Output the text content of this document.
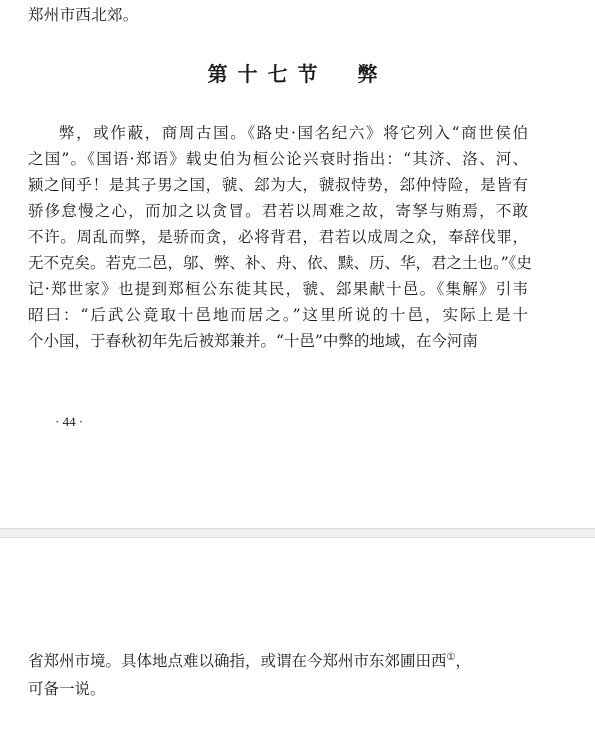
郑州市西北郊。
第十七节　弊
弊，或作蔽，商周古国。《路史·国名纪六》将它列入“商世侯伯
之国”。《国语·郑语》载史伯为桓公论兴衰时指出：“其济、洛、河、
颍之间乎！是其子男之国，虢、郐为大，虢叔恃势，郐仲恃险，是皆有
骄侈怠慢之心，而加之以贪冒。君若以周难之故，寄孥与贿焉，不敢
不许。周乱而弊，是骄而贪，必将背君，君若以成周之众，奉辞伐罪，
无不克矣。若克二邑，邬、弊、补、舟、依、黩、历、华，君之土也。”《史
记·郑世家》也提到郑桓公东徙其民，虢、郐果献十邑。《集解》引韦
昭曰：“后武公竟取十邑地而居之。”这里所说的十邑，实际上是十
个小国，于春秋初年先后被郑兼并。“十邑”中弊的地域，在今河南
· 44 ·
省郑州市境。具体地点难以确指，或谓在今郑州市东郊圃田西①，
可备一说。
